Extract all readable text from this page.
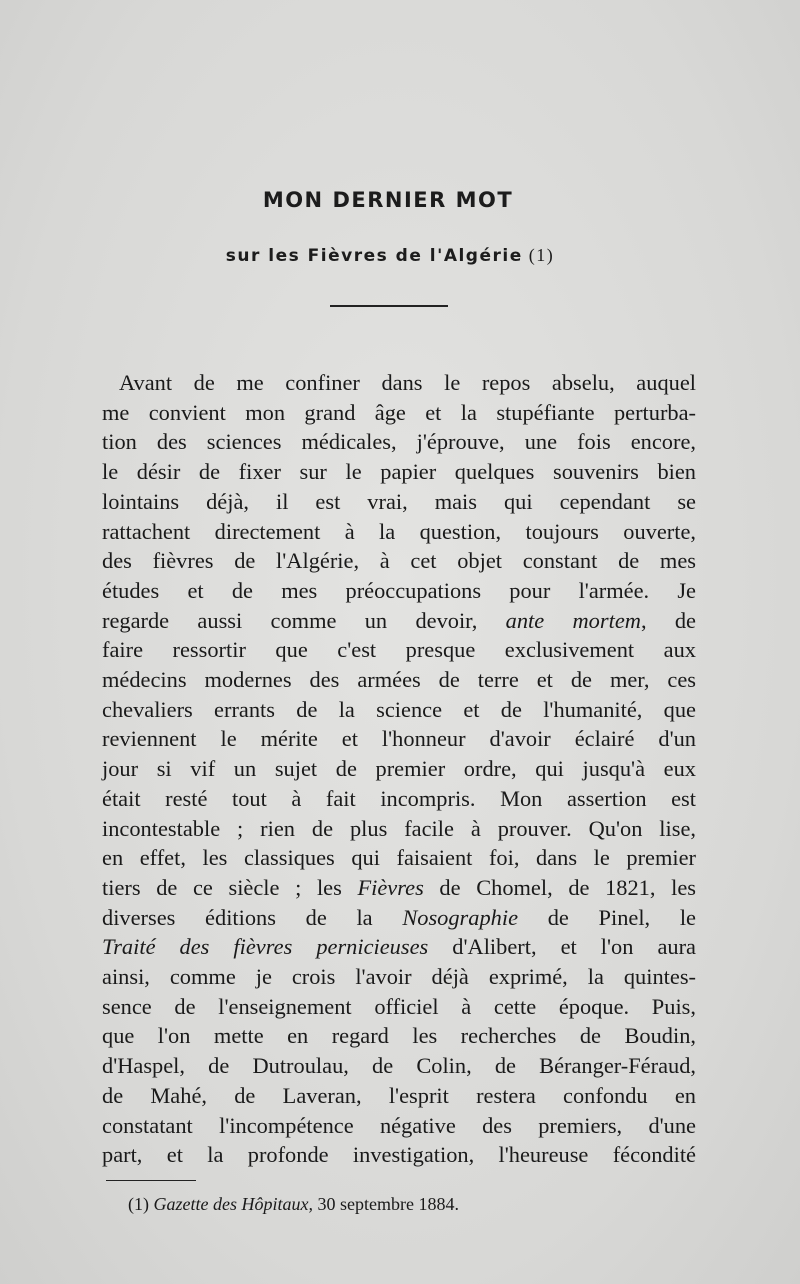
MON DERNIER MOT
sur les Fièvres de l'Algérie (1)
Avant de me confiner dans le repos abselu, auquel
me convient mon grand âge et la stupéfiante perturba-
tion des sciences médicales, j'éprouve, une fois encore,
le désir de fixer sur le papier quelques souvenirs bien
lointains déjà, il est vrai, mais qui cependant se
rattachent directement à la question, toujours ouverte,
des fièvres de l'Algérie, à cet objet constant de mes
études et de mes préoccupations pour l'armée. Je
regarde aussi comme un devoir, ante mortem, de
faire ressortir que c'est presque exclusivement aux
médecins modernes des armées de terre et de mer, ces
chevaliers errants de la science et de l'humanité, que
reviennent le mérite et l'honneur d'avoir éclairé d'un
jour si vif un sujet de premier ordre, qui jusqu'à eux
était resté tout à fait incompris. Mon assertion est
incontestable ; rien de plus facile à prouver. Qu'on lise,
en effet, les classiques qui faisaient foi, dans le premier
tiers de ce siècle ; les Fièvres de Chomel, de 1821, les
diverses éditions de la Nosographie de Pinel, le
Traité des fièvres pernicieuses d'Alibert, et l'on aura
ainsi, comme je crois l'avoir déjà exprimé, la quintes-
sence de l'enseignement officiel à cette époque. Puis,
que l'on mette en regard les recherches de Boudin,
d'Haspel, de Dutroulau, de Colin, de Béranger-Féraud,
de Mahé, de Laveran, l'esprit restera confondu en
constatant l'incompétence négative des premiers, d'une
part, et la profonde investigation, l'heureuse fécondité
(1) Gazette des Hôpitaux, 30 septembre 1884.
